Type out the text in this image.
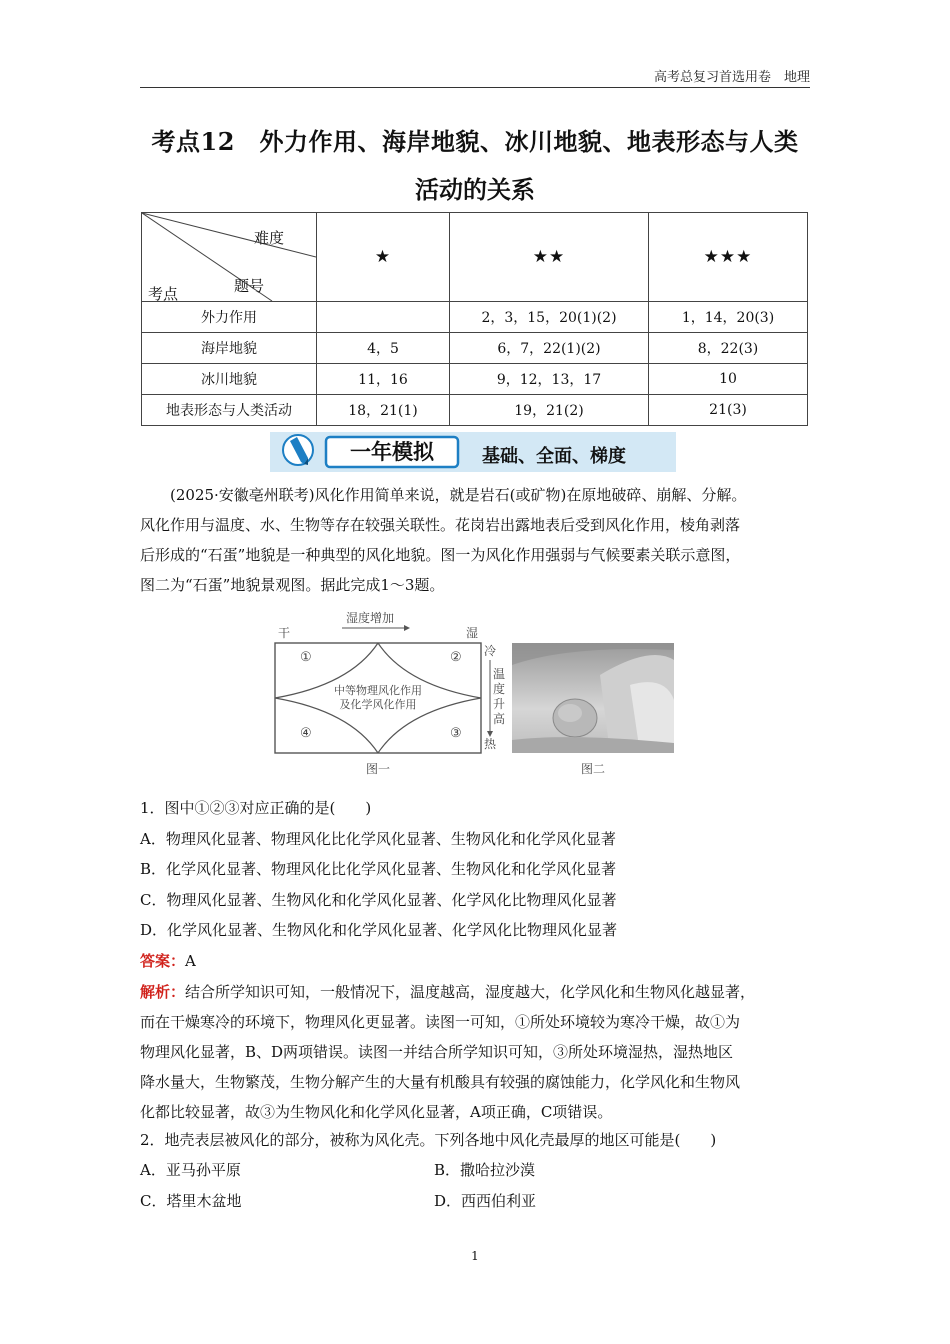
高考总复习首选用卷　地理
考点12　外力作用、海岸地貌、冰川地貌、地表形态与人类
活动的关系
难度
题号
考点	★	★★	★★★
外力作用		2，3，15，20(1)(2)	1，14，20(3)
海岸地貌	4，5	6，7，22(1)(2)	8，22(3)
冰川地貌	11，16	9，12，13，17	10
地表形态与人类活动	18，21(1)	19，21(2)	21(3)
一年模拟	基础、全面、梯度
(2025·安徽亳州联考)风化作用简单来说，就是岩石(或矿物)在原地破碎、崩解、分解。
风化作用与温度、水、生物等存在较强关联性。花岗岩出露地表后受到风化作用，棱角剥落
后形成的“石蛋”地貌是一种典型的风化地貌。图一为风化作用强弱与气候要素关联示意图，
图二为“石蛋”地貌景观图。据此完成1～3题。
湿度增加
干	湿
中等物理风化作用
及化学风化作用
①	②
③
④
冷
温
度
升
高
热
图一	图二
1．图中①②③对应正确的是(　　)
A．物理风化显著、物理风化比化学风化显著、生物风化和化学风化显著
B．化学风化显著、物理风化比化学风化显著、生物风化和化学风化显著
C．物理风化显著、生物风化和化学风化显著、化学风化比物理风化显著
D．化学风化显著、生物风化和化学风化显著、化学风化比物理风化显著
答案：A
解析：结合所学知识可知，一般情况下，温度越高，湿度越大，化学风化和生物风化越显著，
而在干燥寒冷的环境下，物理风化更显著。读图一可知，①所处环境较为寒冷干燥，故①为
物理风化显著，B、D两项错误。读图一并结合所学知识可知，③所处环境湿热，湿热地区
降水量大，生物繁茂，生物分解产生的大量有机酸具有较强的腐蚀能力，化学风化和生物风
化都比较显著，故③为生物风化和化学风化显著，A项正确，C项错误。
2．地壳表层被风化的部分，被称为风化壳。下列各地中风化壳最厚的地区可能是(　　)
A．亚马孙平原	B．撒哈拉沙漠
C．塔里木盆地	D．西西伯利亚
1
